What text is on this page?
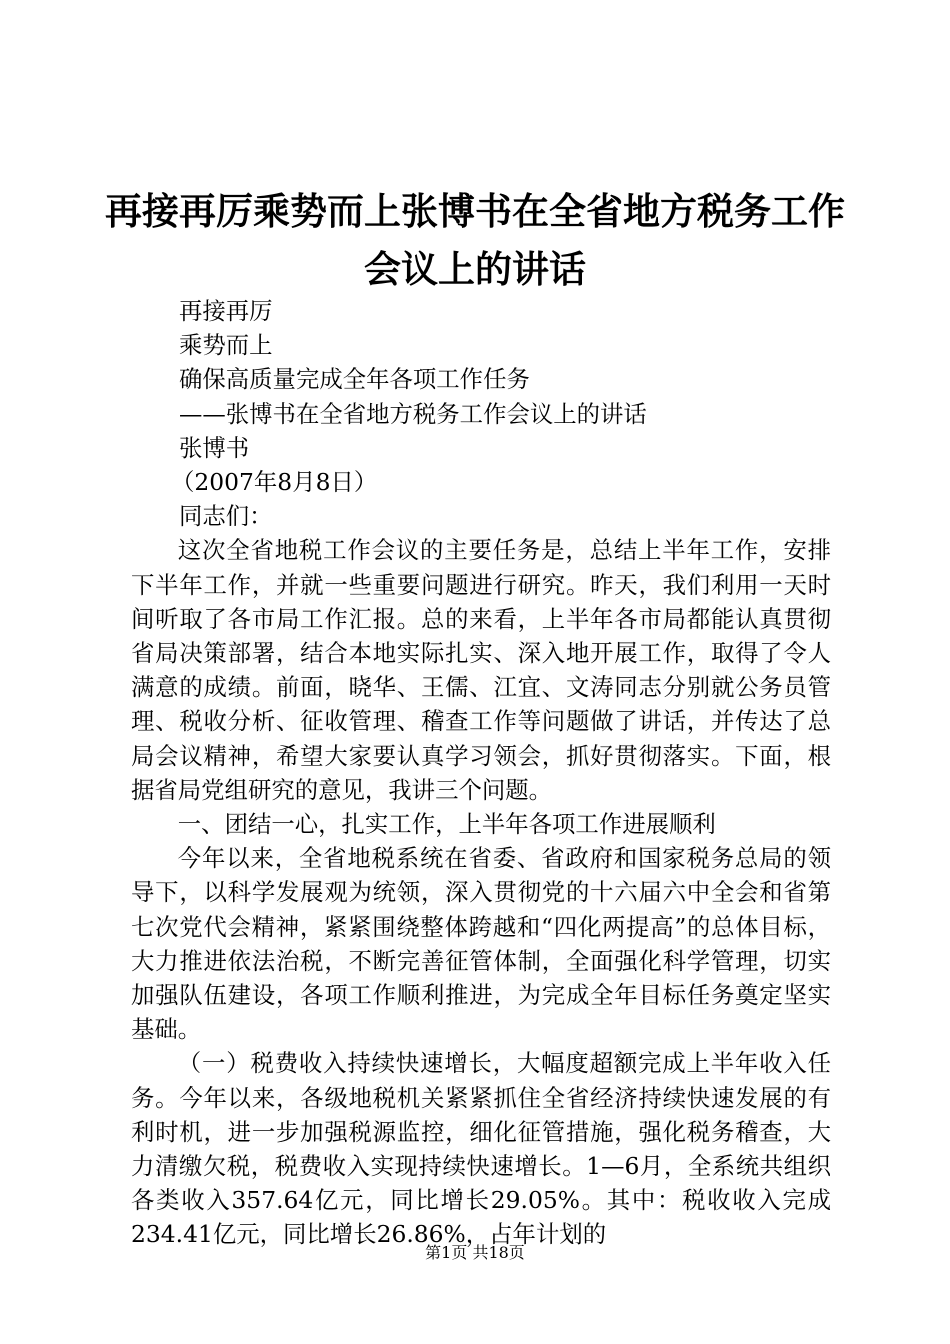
再接再厉乘势而上张博书在全省地方税务工作
会议上的讲话

再接再厉

乘势而上

确保高质量完成全年各项工作任务

——张博书在全省地方税务工作会议上的讲话

张博书

（2007年8月8日）

同志们：

这次全省地税工作会议的主要任务是，总结上半年工作，安排下半年工作，并就一些重要问题进行研究。昨天，我们利用一天时间听取了各市局工作汇报。总的来看，上半年各市局都能认真贯彻省局决策部署，结合本地实际扎实、深入地开展工作，取得了令人满意的成绩。前面，晓华、王儒、江宜、文涛同志分别就公务员管理、税收分析、征收管理、稽查工作等问题做了讲话，并传达了总局会议精神，希望大家要认真学习领会，抓好贯彻落实。下面，根据省局党组研究的意见，我讲三个问题。

一、团结一心，扎实工作，上半年各项工作进展顺利

今年以来，全省地税系统在省委、省政府和国家税务总局的领导下，以科学发展观为统领，深入贯彻党的十六届六中全会和省第七次党代会精神，紧紧围绕整体跨越和“四化两提高”的总体目标，大力推进依法治税，不断完善征管体制，全面强化科学管理，切实加强队伍建设，各项工作顺利推进，为完成全年目标任务奠定坚实基础。

（一）税费收入持续快速增长，大幅度超额完成上半年收入任务。今年以来，各级地税机关紧紧抓住全省经济持续快速发展的有利时机，进一步加强税源监控，细化征管措施，强化税务稽查，大力清缴欠税，税费收入实现持续快速增长。1—6月，全系统共组织各类收入357.64亿元，同比增长29.05%。其中：税收收入完成234.41亿元，同比增长26.86%，占年计划的

第1页 共18页
